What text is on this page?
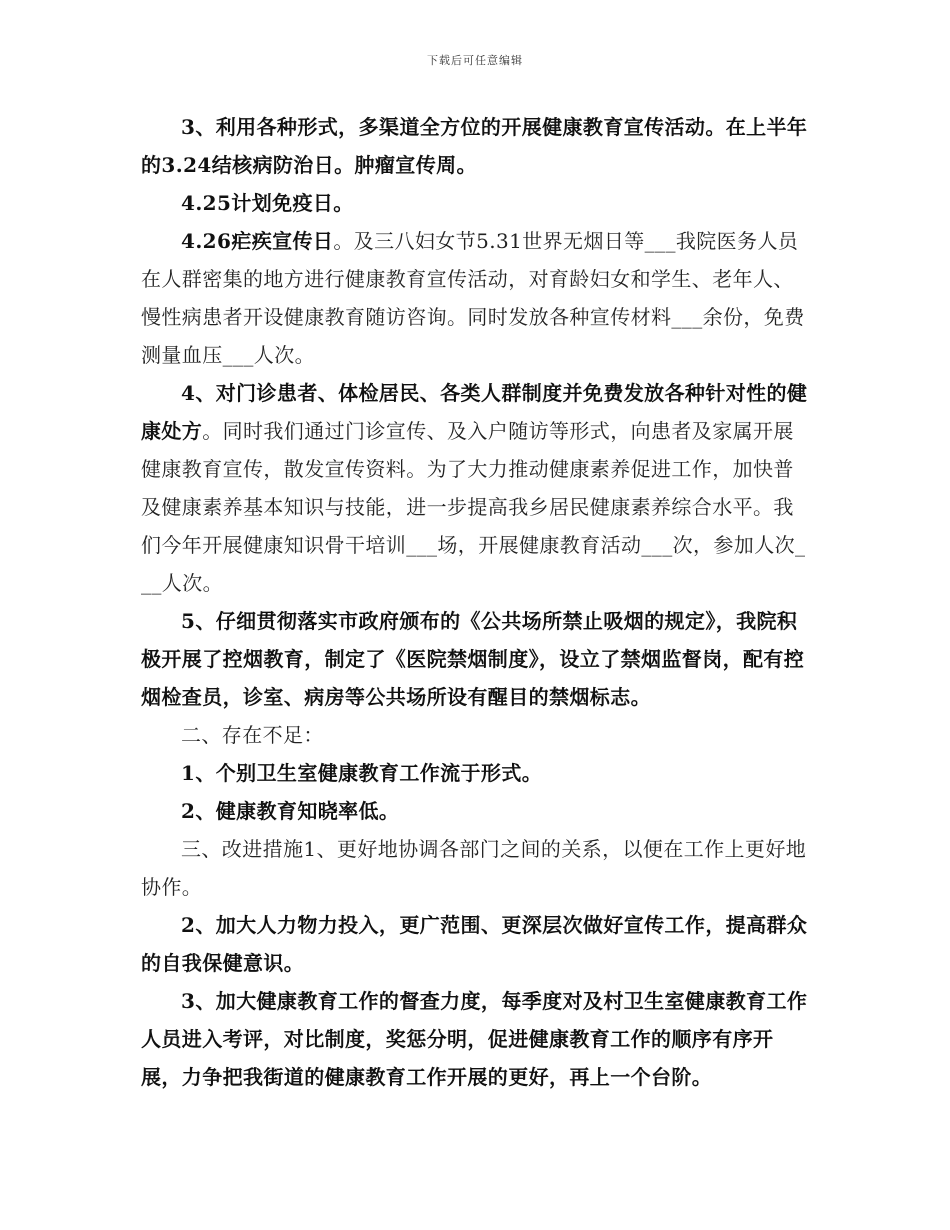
下载后可任意编辑

3、利用各种形式，多渠道全方位的开展健康教育宣传活动。在上半年的3.24结核病防治日。肿瘤宣传周。

4.25计划免疫日。

4.26疟疾宣传日。及三八妇女节5.31世界无烟日等___我院医务人员在人群密集的地方进行健康教育宣传活动，对育龄妇女和学生、老年人、慢性病患者开设健康教育随访咨询。同时发放各种宣传材料___余份，免费测量血压___人次。

4、对门诊患者、体检居民、各类人群制度并免费发放各种针对性的健康处方。同时我们通过门诊宣传、及入户随访等形式，向患者及家属开展健康教育宣传，散发宣传资料。为了大力推动健康素养促进工作，加快普及健康素养基本知识与技能，进一步提高我乡居民健康素养综合水平。我们今年开展健康知识骨干培训___场，开展健康教育活动___次，参加人次___人次。

5、仔细贯彻落实市政府颁布的《公共场所禁止吸烟的规定》，我院积极开展了控烟教育，制定了《医院禁烟制度》，设立了禁烟监督岗，配有控烟检查员，诊室、病房等公共场所设有醒目的禁烟标志。

二、存在不足：

1、个别卫生室健康教育工作流于形式。

2、健康教育知晓率低。

三、改进措施1、更好地协调各部门之间的关系，以便在工作上更好地协作。

2、加大人力物力投入，更广范围、更深层次做好宣传工作，提高群众的自我保健意识。

3、加大健康教育工作的督查力度，每季度对及村卫生室健康教育工作人员进入考评，对比制度，奖惩分明，促进健康教育工作的顺序有序开展，力争把我街道的健康教育工作开展的更好，再上一个台阶。
